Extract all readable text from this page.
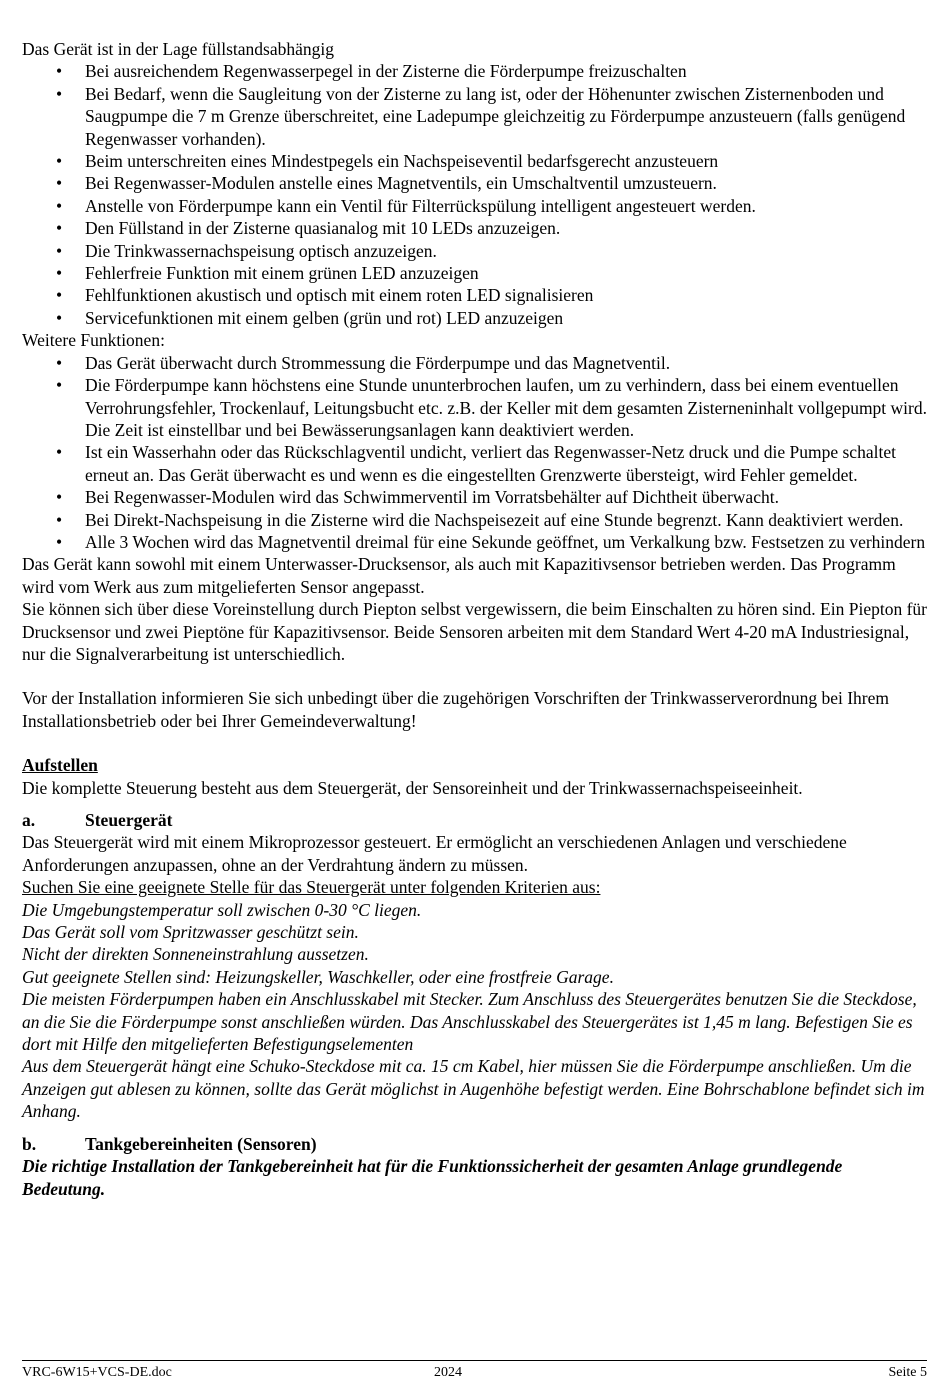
Das Gerät ist in der Lage füllstandsabhängig

• Bei ausreichendem Regenwasserpegel in der Zisterne die Förderpumpe freizuschalten
• Bei Bedarf, wenn die Saugleitung von der Zisterne zu lang ist, oder der Höhenunter zwischen Zisternenboden und Saugpumpe die 7 m Grenze überschreitet, eine Ladepumpe gleichzeitig zu Förderpumpe anzusteuern (falls genügend Regenwasser vorhanden).
• Beim unterschreiten eines Mindestpegels ein Nachspeiseventil bedarfsgerecht anzusteuern
• Bei Regenwasser-Modulen anstelle eines Magnetventils, ein Umschaltventil umzusteuern.
• Anstelle von Förderpumpe kann ein Ventil für Filterrückspülung intelligent angesteuert werden.
• Den Füllstand in der Zisterne quasianalog mit 10 LEDs anzuzeigen.
• Die Trinkwassernachspeisung optisch anzuzeigen.
• Fehlerfreie Funktion mit einem grünen LED anzuzeigen
• Fehlfunktionen akustisch und optisch mit einem roten LED signalisieren
• Servicefunktionen mit einem gelben (grün und rot) LED anzuzeigen

Weitere Funktionen:

• Das Gerät überwacht durch Strommessung die Förderpumpe und das Magnetventil.
• Die Förderpumpe kann höchstens eine Stunde ununterbrochen laufen, um zu verhindern, dass bei einem eventuellen Verrohrungsfehler, Trockenlauf, Leitungsbucht etc. z.B. der Keller mit dem gesamten Zisterneninhalt vollgepumpt wird.
Die Zeit ist einstellbar und bei Bewässerungsanlagen kann deaktiviert werden.
• Ist ein Wasserhahn oder das Rückschlagventil undicht, verliert das Regenwasser-Netz druck und die Pumpe schaltet erneut an. Das Gerät überwacht es und wenn es die eingestellten Grenzwerte übersteigt, wird Fehler gemeldet.
• Bei Regenwasser-Modulen wird das Schwimmerventil im Vorratsbehälter auf Dichtheit überwacht.
• Bei Direkt-Nachspeisung in die Zisterne wird die Nachspeisezeit auf eine Stunde begrenzt. Kann deaktiviert werden.
• Alle 3 Wochen wird das Magnetventil dreimal für eine Sekunde geöffnet, um Verkalkung bzw. Festsetzen zu verhindern

Das Gerät kann sowohl mit einem Unterwasser-Drucksensor, als auch mit Kapazitivsensor betrieben werden. Das Programm wird vom Werk aus zum mitgelieferten Sensor angepasst.

Sie können sich über diese Voreinstellung durch Piepton selbst vergewissern, die beim Einschalten zu hören sind. Ein Piepton für Drucksensor und zwei Pieptöne für Kapazitivsensor. Beide Sensoren arbeiten mit dem Standard Wert 4-20 mA Industriesignal, nur die Signalverarbeitung ist unterschiedlich.

Vor der Installation informieren Sie sich unbedingt über die zugehörigen Vorschriften der Trinkwasserverordnung bei Ihrem Installationsbetrieb oder bei Ihrer Gemeindeverwaltung!

Aufstellen

Die komplette Steuerung besteht aus dem Steuergerät, der Sensoreinheit und der Trinkwassernachspeiseeinheit.

a.	Steuergerät

Das Steuergerät wird mit einem Mikroprozessor gesteuert. Er ermöglicht an verschiedenen Anlagen und verschiedene Anforderungen anzupassen, ohne an der Verdrahtung ändern zu müssen.

Suchen Sie eine geeignete Stelle für das Steuergerät unter folgenden Kriterien aus:

Die Umgebungstemperatur soll zwischen 0-30 °C liegen.

Das Gerät soll vom Spritzwasser geschützt sein.

Nicht der direkten Sonneneinstrahlung aussetzen.

Gut geeignete Stellen sind: Heizungskeller, Waschkeller, oder eine frostfreie Garage.

Die meisten Förderpumpen haben ein Anschlusskabel mit Stecker. Zum Anschluss des Steuergerätes benutzen Sie die Steckdose, an die Sie die Förderpumpe sonst anschließen würden. Das Anschlusskabel des Steuergerätes ist 1,45 m lang. Befestigen Sie es dort mit Hilfe den mitgelieferten Befestigungselementen

Aus dem Steuergerät hängt eine Schuko-Steckdose mit ca. 15 cm Kabel, hier müssen Sie die Förderpumpe anschließen. Um die Anzeigen gut ablesen zu können, sollte das Gerät möglichst in Augenhöhe befestigt werden. Eine Bohrschablone befindet sich im Anhang.

b.	Tankgebereinheiten (Sensoren)

Die richtige Installation der Tankgebereinheit hat für die Funktionssicherheit der gesamten Anlage grundlegende Bedeutung.

VRC-6W15+VCS-DE.doc	2024	Seite 5
